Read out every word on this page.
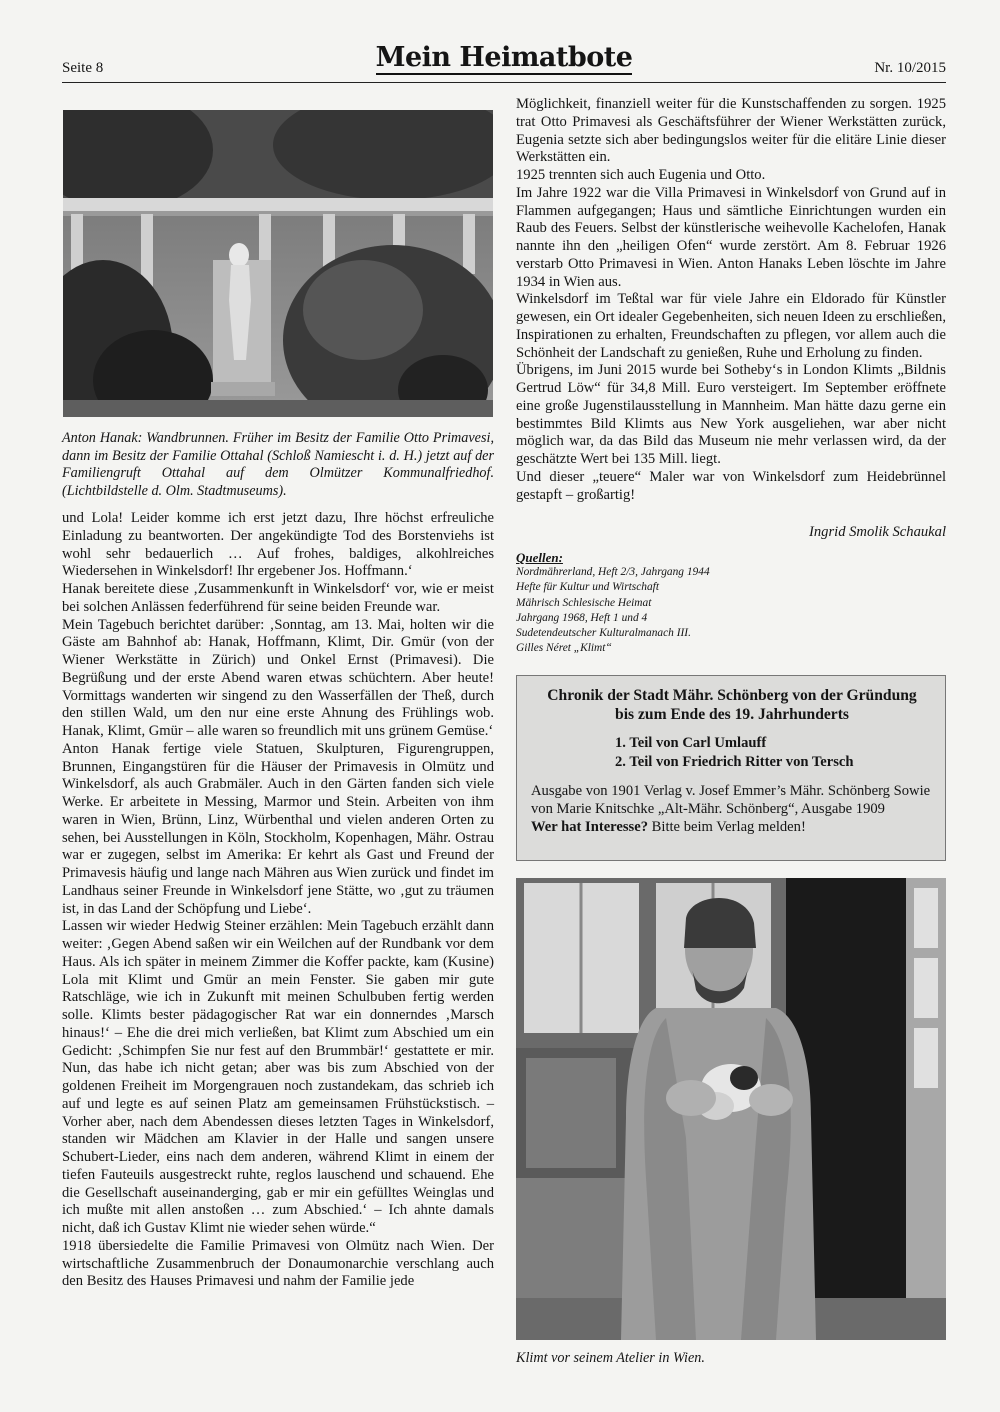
Seite 8	Mein Heimatbote	Nr. 10/2015
Anton Hanak: Wandbrunnen. Früher im Besitz der Familie Otto Primavesi, dann im Besitz der Familie Ottahal (Schloß Namiescht i. d. H.) jetzt auf der Familiengruft Ottahal auf dem Olmützer Kommunalfriedhof. (Lichtbildstelle d. Olm. Stadtmuseums).

und Lola! Leider komme ich erst jetzt dazu, Ihre höchst erfreuliche Einladung zu beantworten. Der angekündigte Tod des Borstenviehs ist wohl sehr bedauerlich … Auf frohes, baldiges, alkohlreiches Wiedersehen in Winkelsdorf! Ihr ergebener Jos. Hoffmann.‘

Hanak bereitete diese ‚Zusammenkunft in Winkelsdorf‘ vor, wie er meist bei solchen Anlässen federführend für seine beiden Freunde war.

Mein Tagebuch berichtet darüber: ‚Sonntag, am 13. Mai, holten wir die Gäste am Bahnhof ab: Hanak, Hoffmann, Klimt, Dir. Gmür (von der Wiener Werkstätte in Zürich) und Onkel Ernst (Primavesi). Die Begrüßung und der erste Abend waren etwas schüchtern. Aber heute! Vormittags wanderten wir singend zu den Wasserfällen der Theß, durch den stillen Wald, um den nur eine erste Ahnung des Frühlings wob. Hanak, Klimt, Gmür – alle waren so freundlich mit uns grünem Gemüse.‘

Anton Hanak fertige viele Statuen, Skulpturen, Figurengruppen, Brunnen, Eingangstüren für die Häuser der Primavesis in Olmütz und Winkelsdorf, als auch Grabmäler. Auch in den Gärten fanden sich viele Werke. Er arbeitete in Messing, Marmor und Stein. Arbeiten von ihm waren in Wien, Brünn, Linz, Würbenthal und vielen anderen Orten zu sehen, bei Ausstellungen in Köln, Stockholm, Kopenhagen, Mähr. Ostrau war er zugegen, selbst im Amerika: Er kehrt als Gast und Freund der Primavesis häufig und lange nach Mähren aus Wien zurück und findet im Landhaus seiner Freunde in Winkelsdorf jene Stätte, wo ‚gut zu träumen ist, in das Land der Schöpfung und Liebe‘.

Lassen wir wieder Hedwig Steiner erzählen: Mein Tagebuch erzählt dann weiter: ‚Gegen Abend saßen wir ein Weilchen auf der Rundbank vor dem Haus. Als ich später in meinem Zimmer die Koffer packte, kam (Kusine) Lola mit Klimt und Gmür an mein Fenster. Sie gaben mir gute Ratschläge, wie ich in Zukunft mit meinen Schulbuben fertig werden solle. Klimts bester pädagogischer Rat war ein donnerndes ‚Marsch hinaus!‘ – Ehe die drei mich verließen, bat Klimt zum Abschied um ein Gedicht: ‚Schimpfen Sie nur fest auf den Brummbär!‘ gestattete er mir. Nun, das habe ich nicht getan; aber was bis zum Abschied von der goldenen Freiheit im Morgengrauen noch zustandekam, das schrieb ich auf und legte es auf seinen Platz am gemeinsamen Frühstückstisch. – Vorher aber, nach dem Abendessen dieses letzten Tages in Winkelsdorf, standen wir Mädchen am Klavier in der Halle und sangen unsere Schubert-Lieder, eins nach dem anderen, während Klimt in einem der tiefen Fauteuils ausgestreckt ruhte, reglos lauschend und schauend. Ehe die Gesellschaft auseinanderging, gab er mir ein gefülltes Weinglas und ich mußte mit allen anstoßen … zum Abschied.‘ – Ich ahnte damals nicht, daß ich Gustav Klimt nie wieder sehen würde.“

1918 übersiedelte die Familie Primavesi von Olmütz nach Wien. Der wirtschaftliche Zusammenbruch der Donaumonarchie verschlang auch den Besitz des Hauses Primavesi und nahm der Familie jede

Möglichkeit, finanziell weiter für die Kunstschaffenden zu sorgen. 1925 trat Otto Primavesi als Geschäftsführer der Wiener Werkstätten zurück, Eugenia setzte sich aber bedingungslos weiter für die elitäre Linie dieser Werkstätten ein.

1925 trennten sich auch Eugenia und Otto.

Im Jahre 1922 war die Villa Primavesi in Winkelsdorf von Grund auf in Flammen aufgegangen; Haus und sämtliche Einrichtungen wurden ein Raub des Feuers. Selbst der künstlerische weihevolle Kachelofen, Hanak nannte ihn den „heiligen Ofen“ wurde zerstört. Am 8. Februar 1926 verstarb Otto Primavesi in Wien. Anton Hanaks Leben löschte im Jahre 1934 in Wien aus.

Winkelsdorf im Teßtal war für viele Jahre ein Eldorado für Künstler gewesen, ein Ort idealer Gegebenheiten, sich neuen Ideen zu erschließen, Inspirationen zu erhalten, Freundschaften zu pflegen, vor allem auch die Schönheit der Landschaft zu genießen, Ruhe und Erholung zu finden.

Übrigens, im Juni 2015 wurde bei Sotheby‘s in London Klimts „Bildnis Gertrud Löw“ für 34,8 Mill. Euro versteigert. Im September eröffnete eine große Jugenstilausstellung in Mannheim. Man hätte dazu gerne ein bestimmtes Bild Klimts aus New York ausgeliehen, war aber nicht möglich war, da das Bild das Museum nie mehr verlassen wird, da der geschätzte Wert bei 135 Mill. liegt.

Und dieser „teuere“ Maler war von Winkelsdorf zum Heidebrünnel gestapft – großartig!

Ingrid Smolik Schaukal
Quellen:
Nordmährerland, Heft 2/3, Jahrgang 1944
Hefte für Kultur und Wirtschaft
Mährisch Schlesische Heimat
Jahrgang 1968, Heft 1 und 4
Sudetendeutscher Kulturalmanach III.
Gilles Néret „Klimt“
Chronik der Stadt Mähr. Schönberg von der Gründung
bis zum Ende des 19. Jahrhunderts
1. Teil von Carl Umlauff
2. Teil von Friedrich Ritter von Tersch
Ausgabe von 1901 Verlag v. Josef Emmer’s Mähr. Schönberg Sowie von Marie Knitschke „Alt-Mähr. Schönberg“, Ausgabe 1909
Wer hat Interesse? Bitte beim Verlag melden!
Klimt vor seinem Atelier in Wien.
